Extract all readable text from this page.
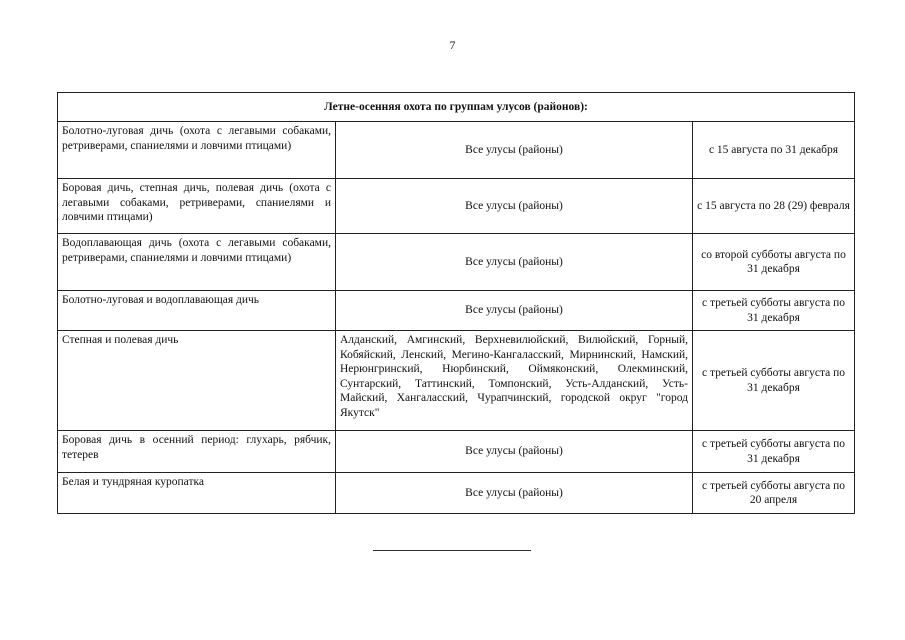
7
Летне-осенняя охота по группам улусов (районов):		
Болотно-луговая дичь (охота с легавыми собаками, ретриверами, спаниелями и ловчими птицами)	Все улусы (районы)	с 15 августа по 31 декабря
Боровая дичь, степная дичь, полевая дичь (охота с легавыми собаками, ретриверами, спаниелями и ловчими птицами)	Все улусы (районы)	с 15 августа по 28 (29) февраля
Водоплавающая дичь (охота с легавыми собаками, ретриверами, спаниелями и ловчими птицами)	Все улусы (районы)	со второй субботы августа по 31 декабря
Болотно-луговая и водоплавающая дичь	Все улусы (районы)	с третьей субботы августа по 31 декабря
Степная и полевая дичь	Алданский, Амгинский, Верхневилюйский, Вилюйский, Горный, Кобяйский, Ленский, Мегино-Кангаласский, Мирнинский, Намский, Нерюнгринский, Нюрбинский, Оймяконский, Олекминский, Сунтарский, Таттинский, Томпонский, Усть-Алданский, Усть-Майский, Хангаласский, Чурапчинский, городской округ "город Якутск"	с третьей субботы августа по 31 декабря
Боровая дичь в осенний период: глухарь, рябчик, тетерев	Все улусы (районы)	с третьей субботы августа по 31 декабря
Белая и тундряная куропатка	Все улусы (районы)	с третьей субботы августа по 20 апреля
